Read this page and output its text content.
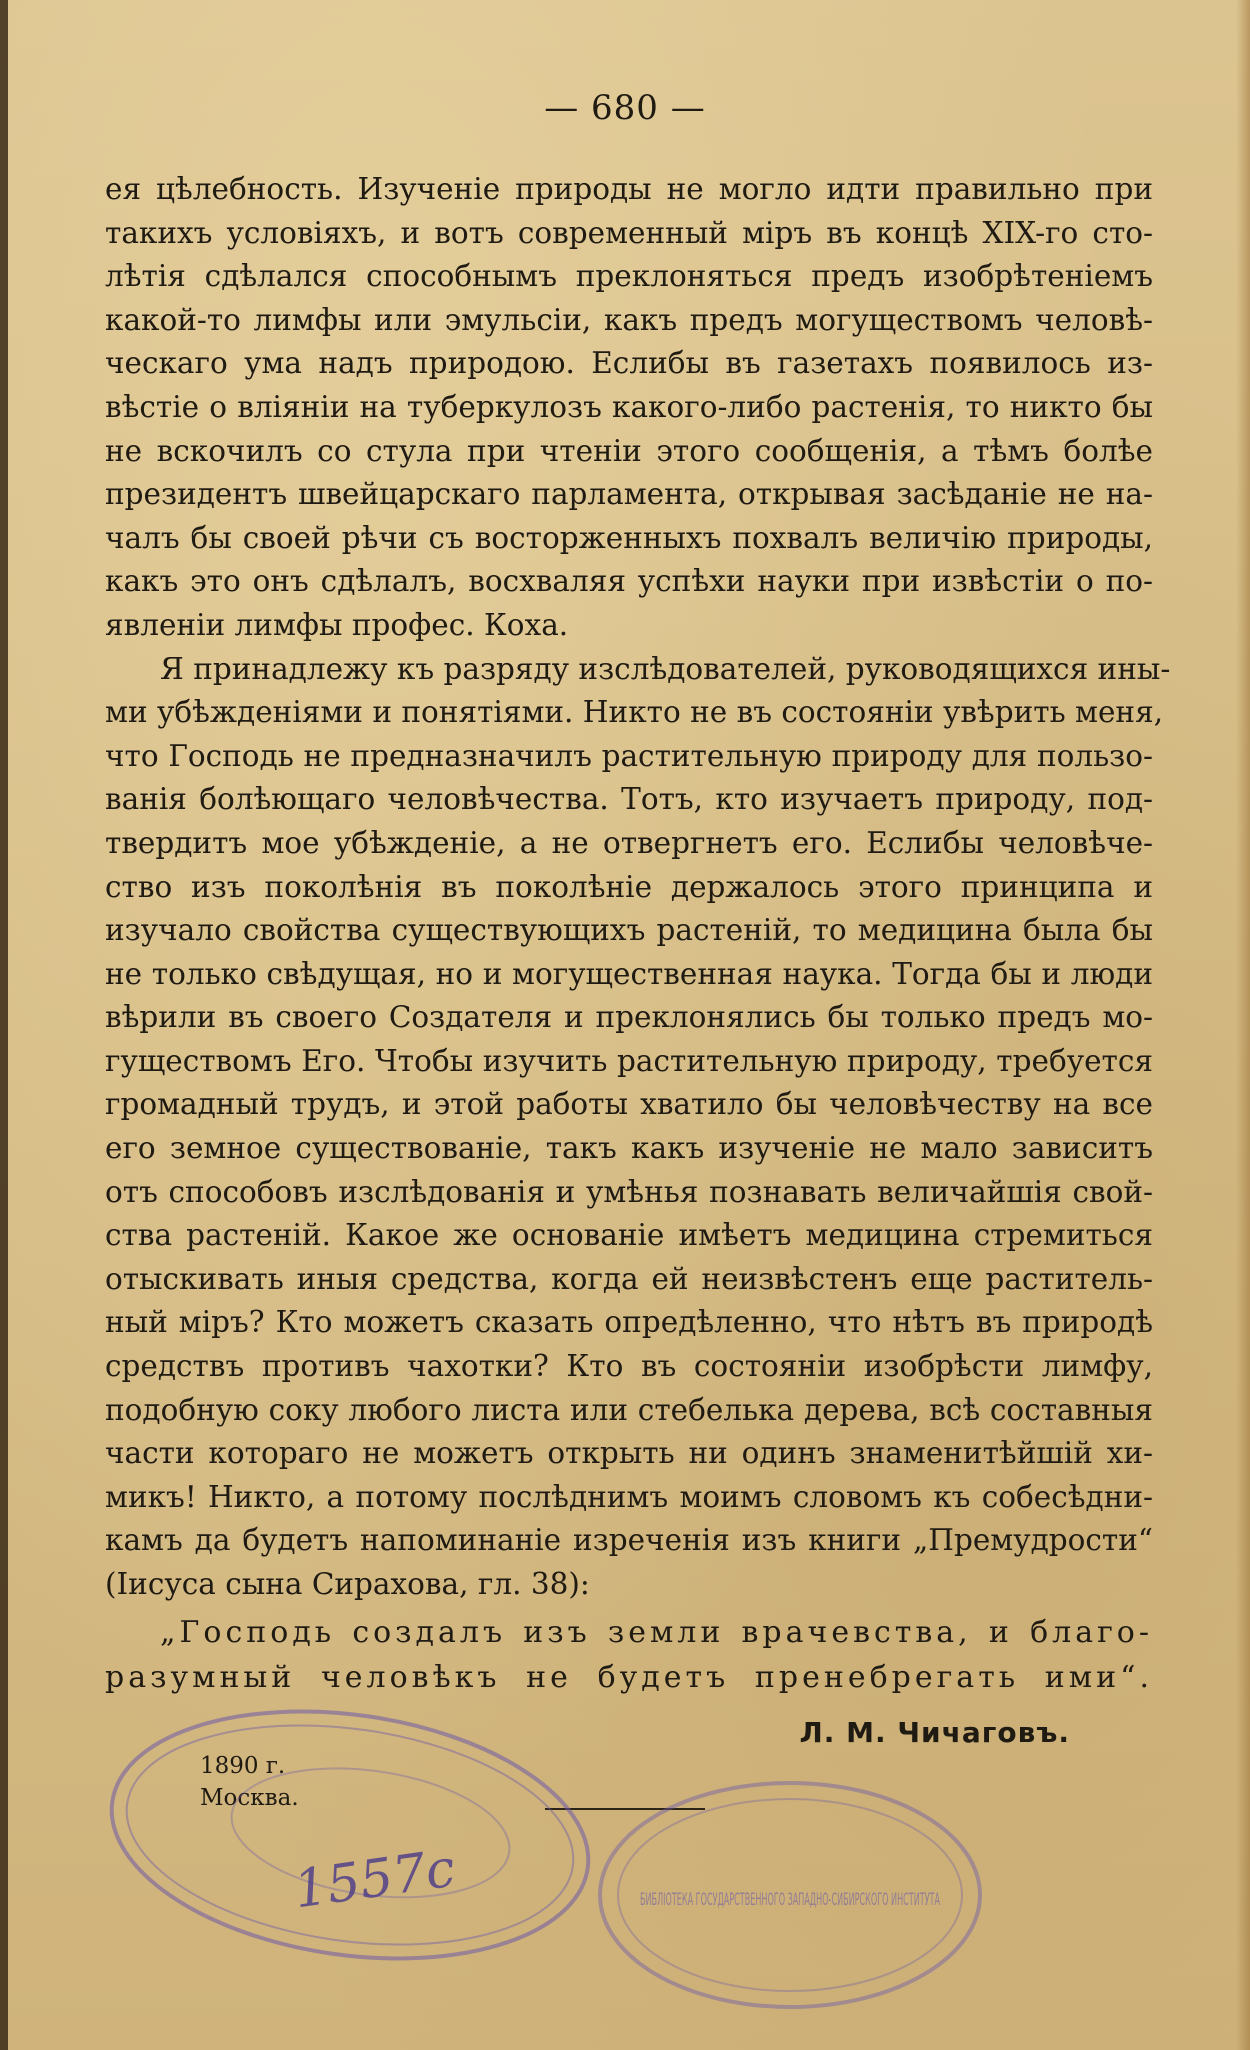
— 680 —
ея цѣлебность. Изученіе природы не могло идти правильно при
такихъ условіяхъ, и вотъ современный міръ въ концѣ XIX-го сто-
лѣтія сдѣлался способнымъ преклоняться предъ изобрѣтеніемъ
какой-то лимфы или эмульсіи, какъ предъ могуществомъ человѣ-
ческаго ума надъ природою. Еслибы въ газетахъ появилось из-
вѣстіе о вліяніи на туберкулозъ какого-либо растенія, то никто бы
не вскочилъ со стула при чтеніи этого сообщенія, а тѣмъ болѣе
президентъ швейцарскаго парламента, открывая засѣданіе не на-
чалъ бы своей рѣчи съ восторженныхъ похвалъ величію природы,
какъ это онъ сдѣлалъ, восхваляя успѣхи науки при извѣстіи о по-
явленіи лимфы профес. Коха.
Я принадлежу къ разряду изслѣдователей, руководящихся ины-
ми убѣжденіями и понятіями. Никто не въ состояніи увѣрить меня,
что Господь не предназначилъ растительную природу для пользо-
ванія болѣющаго человѣчества. Тотъ, кто изучаетъ природу, под-
твердитъ мое убѣжденіе, а не отвергнетъ его. Еслибы человѣче-
ство изъ поколѣнія въ поколѣніе держалось этого принципа и
изучало свойства существующихъ растеній, то медицина была бы
не только свѣдущая, но и могущественная наука. Тогда бы и люди
вѣрили въ своего Создателя и преклонялись бы только предъ мо-
гуществомъ Его. Чтобы изучить растительную природу, требуется
громадный трудъ, и этой работы хватило бы человѣчеству на все
его земное существованіе, такъ какъ изученіе не мало зависитъ
отъ способовъ изслѣдованія и умѣнья познавать величайшія свой-
ства растеній. Какое же основаніе имѣетъ медицина стремиться
отыскивать иныя средства, когда ей неизвѣстенъ еще раститель-
ный міръ? Кто можетъ сказать опредѣленно, что нѣтъ въ природѣ
средствъ противъ чахотки? Кто въ состояніи изобрѣсти лимфу,
подобную соку любого листа или стебелька дерева, всѣ составныя
части котораго не можетъ открыть ни одинъ знаменитѣйшій хи-
микъ! Никто, а потому послѣднимъ моимъ словомъ къ собесѣдни-
камъ да будетъ напоминаніе изреченія изъ книги „Премудрости“
(Іисуса сына Сирахова, гл. 38):
„Господь создалъ изъ земли врачевства, и благо-
разумный человѣкъ не будетъ пренебрегать ими“.
Л. М. Чичаговъ.
1890 г.
Москва.
1557с	БИБЛІОТЕКА ГОСУДАРСТВЕННОГО ЗАПАДНО-СИБИРСКОГО ИНСТИТУТА
